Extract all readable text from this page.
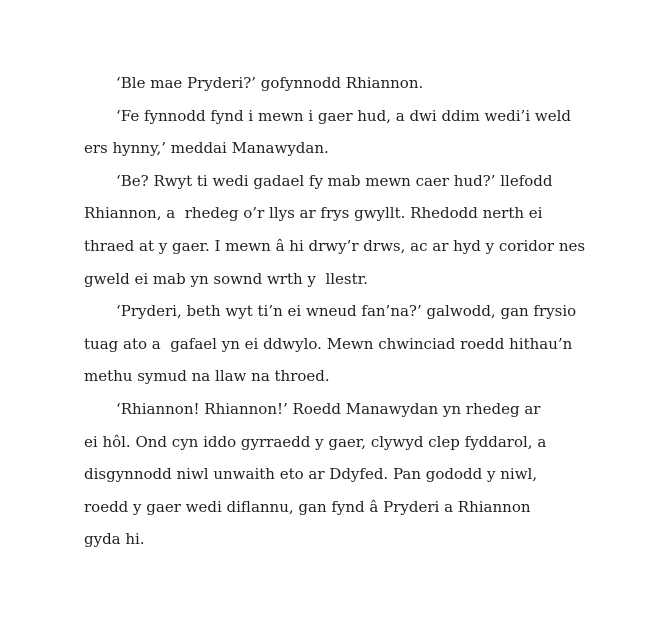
‘Ble mae Pryderi?’ gofynnodd Rhiannon.
‘Fe fynnodd fynd i mewn i gaer hud, a dwi ddim wedi’i weld
ers hynny,’ meddai Manawydan.
‘Be? Rwyt ti wedi gadael fy mab mewn caer hud?’ llefodd
Rhiannon, a  rhedeg o’r llys ar frys gwyllt. Rhedodd nerth ei
thraed at y gaer. I mewn â hi drwy’r drws, ac ar hyd y coridor nes
gweld ei mab yn sownd wrth y  llestr.
‘Pryderi, beth wyt ti’n ei wneud fan’na?’ galwodd, gan frysio
tuag ato a  gafael yn ei ddwylo. Mewn chwinciad roedd hithau’n
methu symud na llaw na throed.
‘Rhiannon! Rhiannon!’ Roedd Manawydan yn rhedeg ar
ei hôl. Ond cyn iddo gyrraedd y gaer, clywyd clep fyddarol, a
disgynnodd niwl unwaith eto ar Ddyfed. Pan gododd y niwl,
roedd y gaer wedi diflannu, gan fynd â Pryderi a Rhiannon
gyda hi.
